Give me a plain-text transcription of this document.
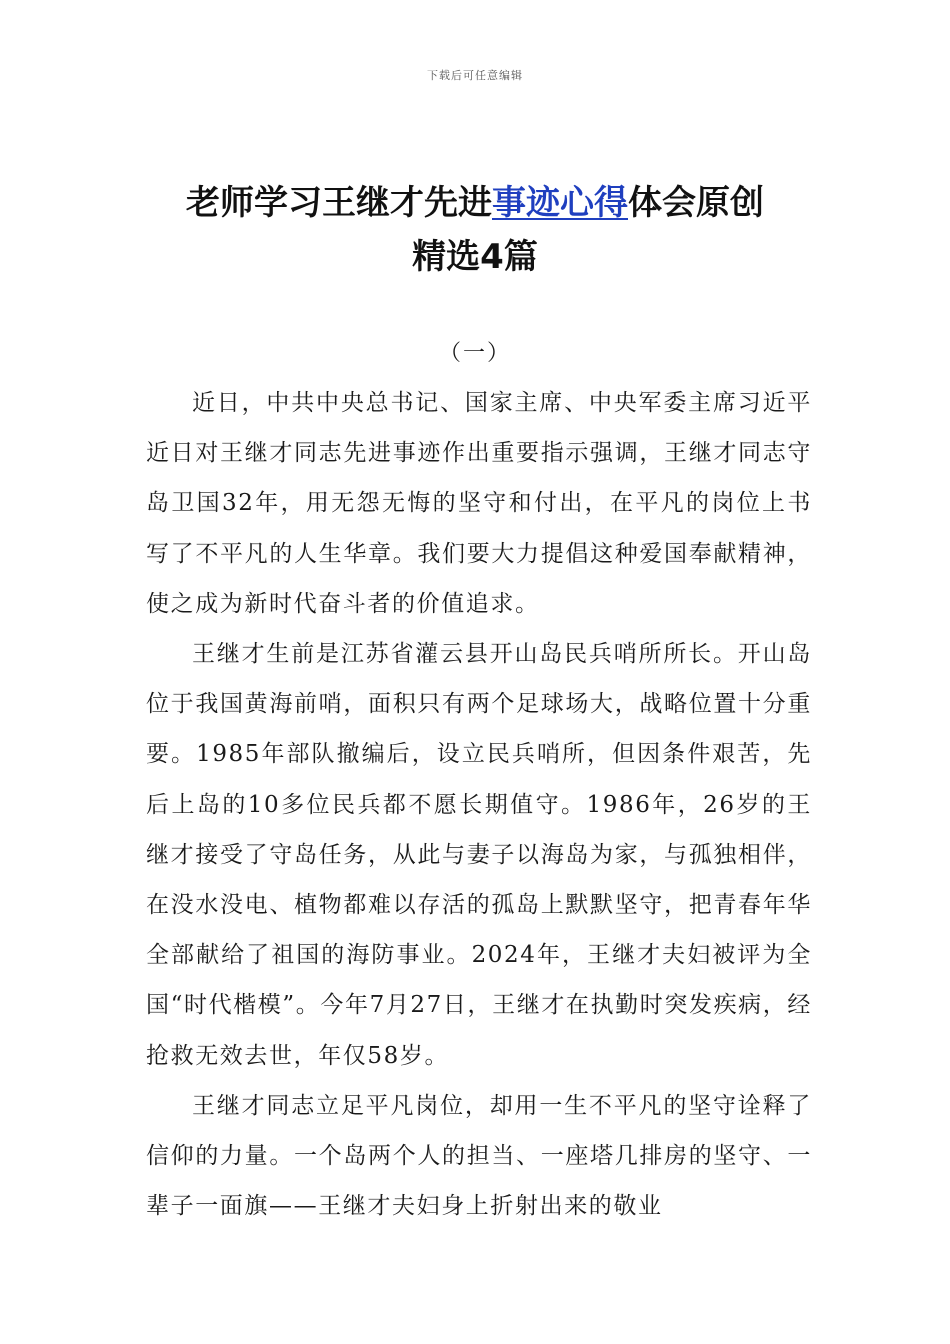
下载后可任意编辑
老师学习王继才先进事迹心得体会原创
精选4篇
（一）

近日，中共中央总书记、国家主席、中央军委主席习近平近日对王继才同志先进事迹作出重要指示强调，王继才同志守岛卫国32年，用无怨无悔的坚守和付出，在平凡的岗位上书写了不平凡的人生华章。我们要大力提倡这种爱国奉献精神，使之成为新时代奋斗者的价值追求。

王继才生前是江苏省灌云县开山岛民兵哨所所长。开山岛位于我国黄海前哨，面积只有两个足球场大，战略位置十分重要。1985年部队撤编后，设立民兵哨所，但因条件艰苦，先后上岛的10多位民兵都不愿长期值守。1986年，26岁的王继才接受了守岛任务，从此与妻子以海岛为家，与孤独相伴，在没水没电、植物都难以存活的孤岛上默默坚守，把青春年华全部献给了祖国的海防事业。2024年，王继才夫妇被评为全国“时代楷模”。今年7月27日，王继才在执勤时突发疾病，经抢救无效去世，年仅58岁。

王继才同志立足平凡岗位，却用一生不平凡的坚守诠释了信仰的力量。一个岛两个人的担当、一座塔几排房的坚守、一辈子一面旗——王继才夫妇身上折射出来的敬业
